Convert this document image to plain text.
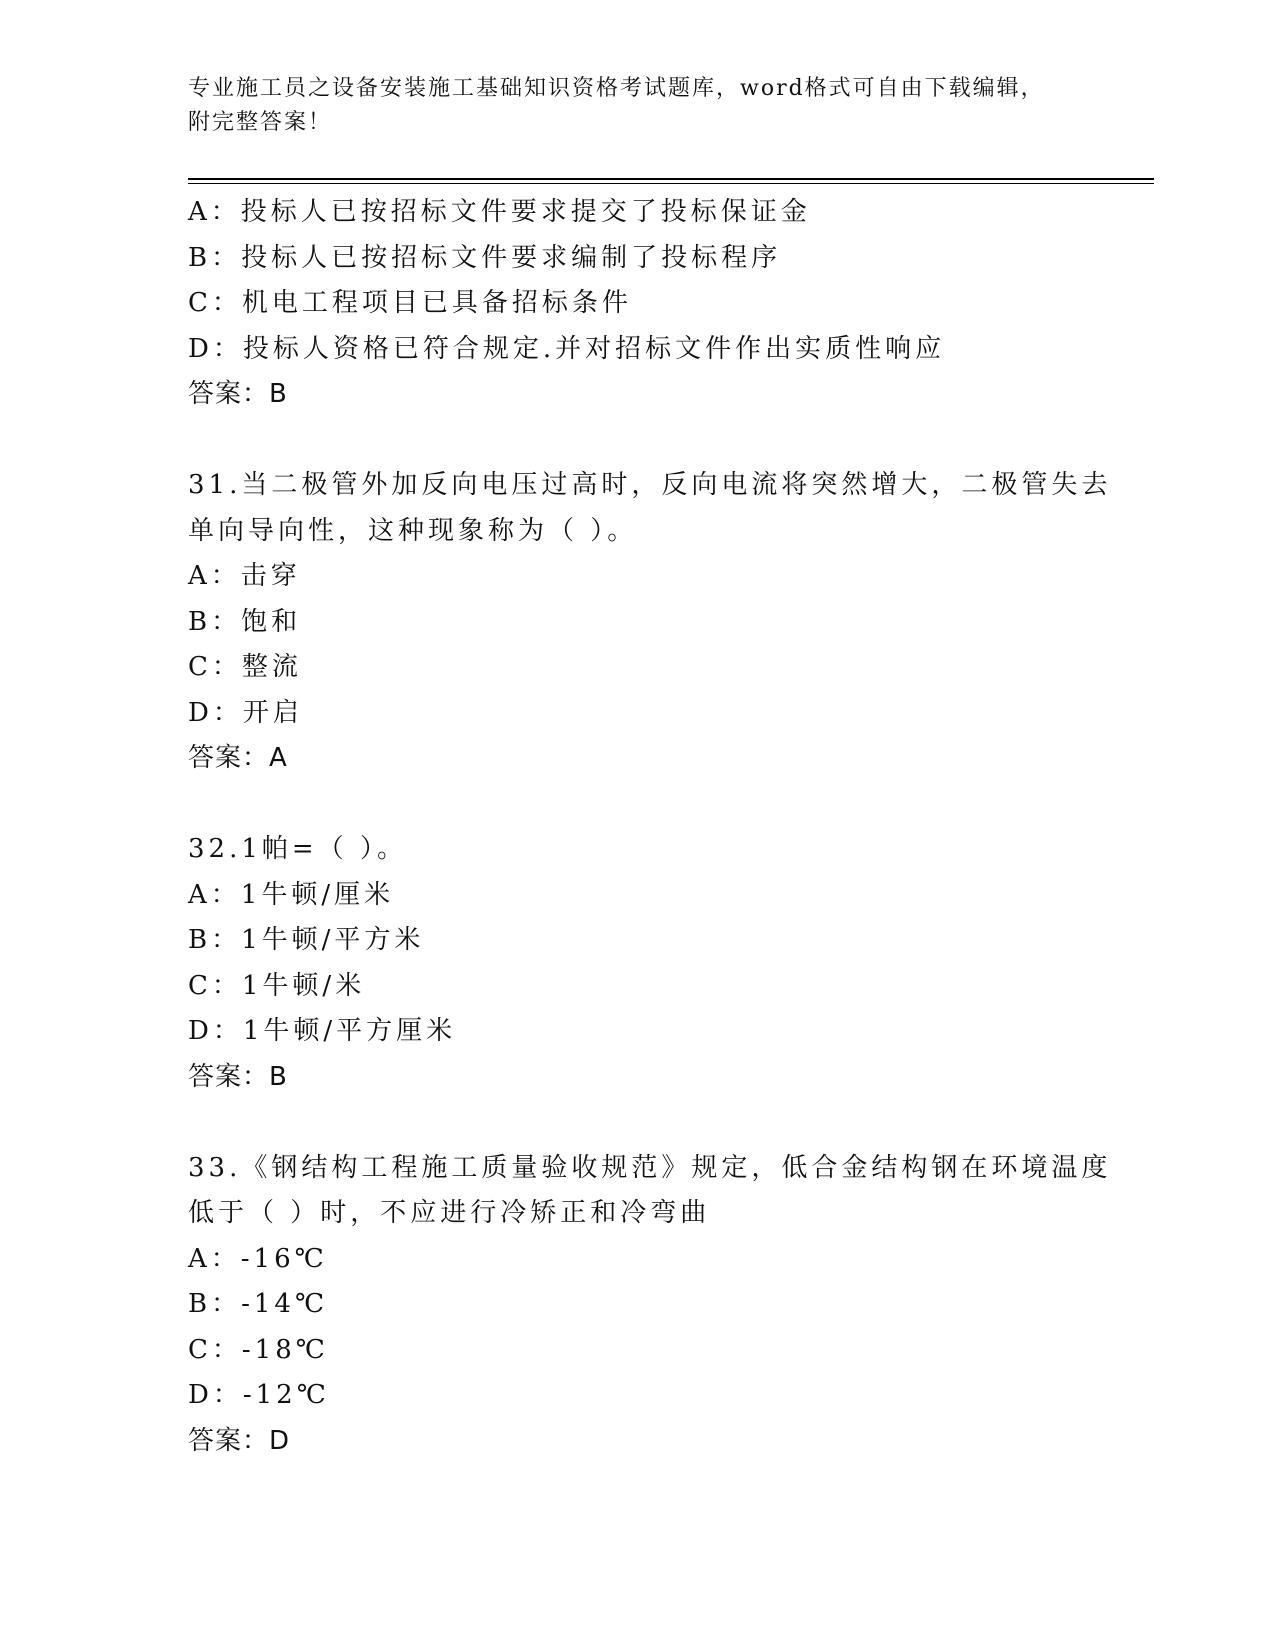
专业施工员之设备安装施工基础知识资格考试题库，word格式可自由下载编辑，
附完整答案！
A：投标人已按招标文件要求提交了投标保证金
B：投标人已按招标文件要求编制了投标程序
C：机电工程项目已具备招标条件
D：投标人资格已符合规定.并对招标文件作出实质性响应
答案：B
31.当二极管外加反向电压过高时，反向电流将突然增大，二极管失去
单向导向性，这种现象称为（ ）。
A：击穿
B：饱和
C：整流
D：开启
答案：A
32.1帕=（ ）。
A：1牛顿/厘米
B：1牛顿/平方米
C：1牛顿/米
D：1牛顿/平方厘米
答案：B
33.《钢结构工程施工质量验收规范》规定，低合金结构钢在环境温度
低于（ ）时，不应进行冷矫正和冷弯曲
A：-16℃
B：-14℃
C：-18℃
D：-12℃
答案：D
